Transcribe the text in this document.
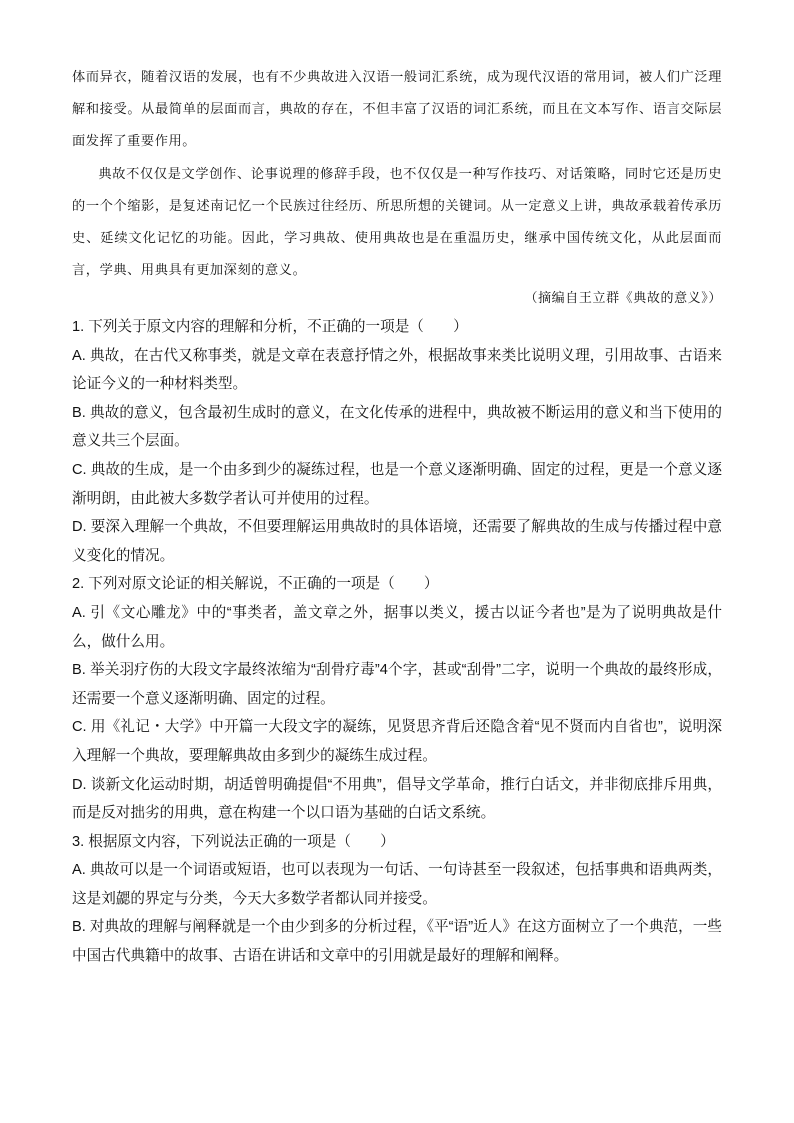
体而异衣，随着汉语的发展，也有不少典故进入汉语一般词汇系统，成为现代汉语的常用词，被人们广泛理解和接受。从最简单的层面而言，典故的存在，不但丰富了汉语的词汇系统，而且在文本写作、语言交际层面发挥了重要作用。

典故不仅仅是文学创作、论事说理的修辞手段，也不仅仅是一种写作技巧、对话策略，同时它还是历史的一个个缩影，是复述南记忆一个民族过往经历、所思所想的关键词。从一定意义上讲，典故承载着传承历史、延续文化记忆的功能。因此，学习典故、使用典故也是在重温历史，继承中国传统文化，从此层面而言，学典、用典具有更加深刻的意义。

（摘编自王立群《典故的意义》）

1. 下列关于原文内容的理解和分析，不正确的一项是（　　）

A. 典故，在古代又称事类，就是文章在表意抒情之外，根据故事来类比说明义理，引用故事、古语来论证今义的一种材料类型。

B. 典故的意义，包含最初生成时的意义，在文化传承的进程中，典故被不断运用的意义和当下使用的意义共三个层面。

C. 典故的生成，是一个由多到少的凝练过程，也是一个意义逐渐明确、固定的过程，更是一个意义逐渐明朗，由此被大多数学者认可并使用的过程。

D. 要深入理解一个典故，不但要理解运用典故时的具体语境，还需要了解典故的生成与传播过程中意义变化的情况。

2. 下列对原文论证的相关解说，不正确的一项是（　　）

A. 引《文心雕龙》中的“事类者，盖文章之外，据事以类义，援古以证今者也”是为了说明典故是什么，做什么用。

B. 举关羽疗伤的大段文字最终浓缩为“刮骨疗毒”4个字，甚或“刮骨”二字，说明一个典故的最终形成，还需要一个意义逐渐明确、固定的过程。

C. 用《礼记・大学》中开篇一大段文字的凝练，见贤思齐背后还隐含着“见不贤而内自省也”，说明深入理解一个典故，要理解典故由多到少的凝练生成过程。

D. 谈新文化运动时期，胡适曾明确提倡“不用典”，倡导文学革命，推行白话文，并非彻底排斥用典，而是反对拙劣的用典，意在构建一个以口语为基础的白话文系统。

3. 根据原文内容，下列说法正确的一项是（　　）

A. 典故可以是一个词语或短语，也可以表现为一句话、一句诗甚至一段叙述，包括事典和语典两类，这是刘勰的界定与分类，今天大多数学者都认同并接受。

B. 对典故的理解与阐释就是一个由少到多的分析过程，《平“语”近人》在这方面树立了一个典范，一些中国古代典籍中的故事、古语在讲话和文章中的引用就是最好的理解和阐释。
